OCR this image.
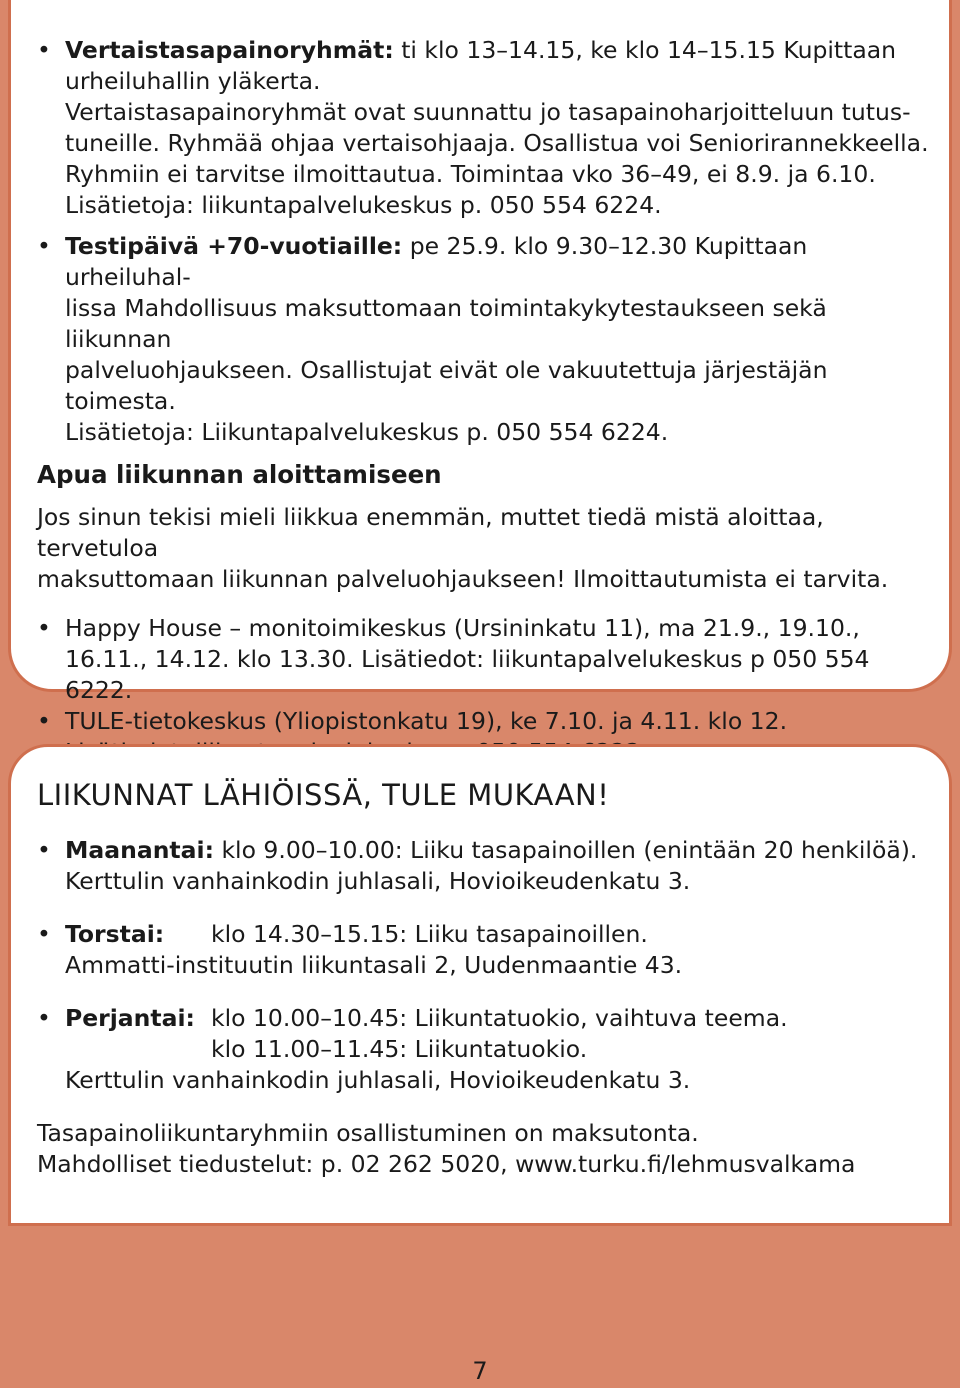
• Vertaistasapainoryhmät: ti klo 13–14.15, ke klo 14–15.15 Kupittaan

urheiluhallin yläkerta.

Vertaistasapainoryhmät ovat suunnattu jo tasapainoharjoitteluun tutus-

tuneille. Ryhmää ohjaa vertaisohjaaja. Osallistua voi Seniorirannekkeella.

Ryhmiin ei tarvitse ilmoittautua. Toimintaa vko 36–49, ei 8.9. ja 6.10.

Lisätietoja: liikuntapalvelukeskus p. 050 554 6224.

• Testipäivä +70-vuotiaille: pe 25.9. klo 9.30–12.30 Kupittaan urheiluhal-

lissa Mahdollisuus maksuttomaan toimintakykytestaukseen sekä liikunnan

palveluohjaukseen. Osallistujat eivät ole vakuutettuja järjestäjän toimesta.

Lisätietoja: Liikuntapalvelukeskus p. 050 554 6224.

Apua liikunnan aloittamiseen

Jos sinun tekisi mieli liikkua enemmän, muttet tiedä mistä aloittaa, tervetuloa

maksuttomaan liikunnan palveluohjaukseen! Ilmoittautumista ei tarvita.

• Happy House – monitoimikeskus (Ursininkatu 11), ma 21.9., 19.10.,

16.11., 14.12. klo 13.30. Lisätiedot: liikuntapalvelukeskus p 050 554 6222.

• TULE-tietokeskus (Yliopistonkatu 19), ke 7.10. ja 4.11. klo 12.

LIIKUNNAT LÄHIÖISSÄ, TULE MUKAAN!
• Maanantai: klo 9.00–10.00: Liiku tasapainoillen (enintään 20 henkilöä).

Kerttulin vanhainkodin juhlasali, Hovioikeudenkatu 3.

• Torstai:	klo 14.30–15.15: Liiku tasapainoillen.

Ammatti-instituutin liikuntasali 2, Uudenmaantie 43.

• Perjantai: klo 10.00–10.45: Liikuntatuokio, vaihtuva teema.

klo 11.00–11.45: Liikuntatuokio.

Kerttulin vanhainkodin juhlasali, Hovioikeudenkatu 3.

Tasapainoliikuntaryhmiin osallistuminen on maksutonta.

Mahdolliset tiedustelut: p. 02 262 5020, www.turku.fi/lehmusvalkama

7
